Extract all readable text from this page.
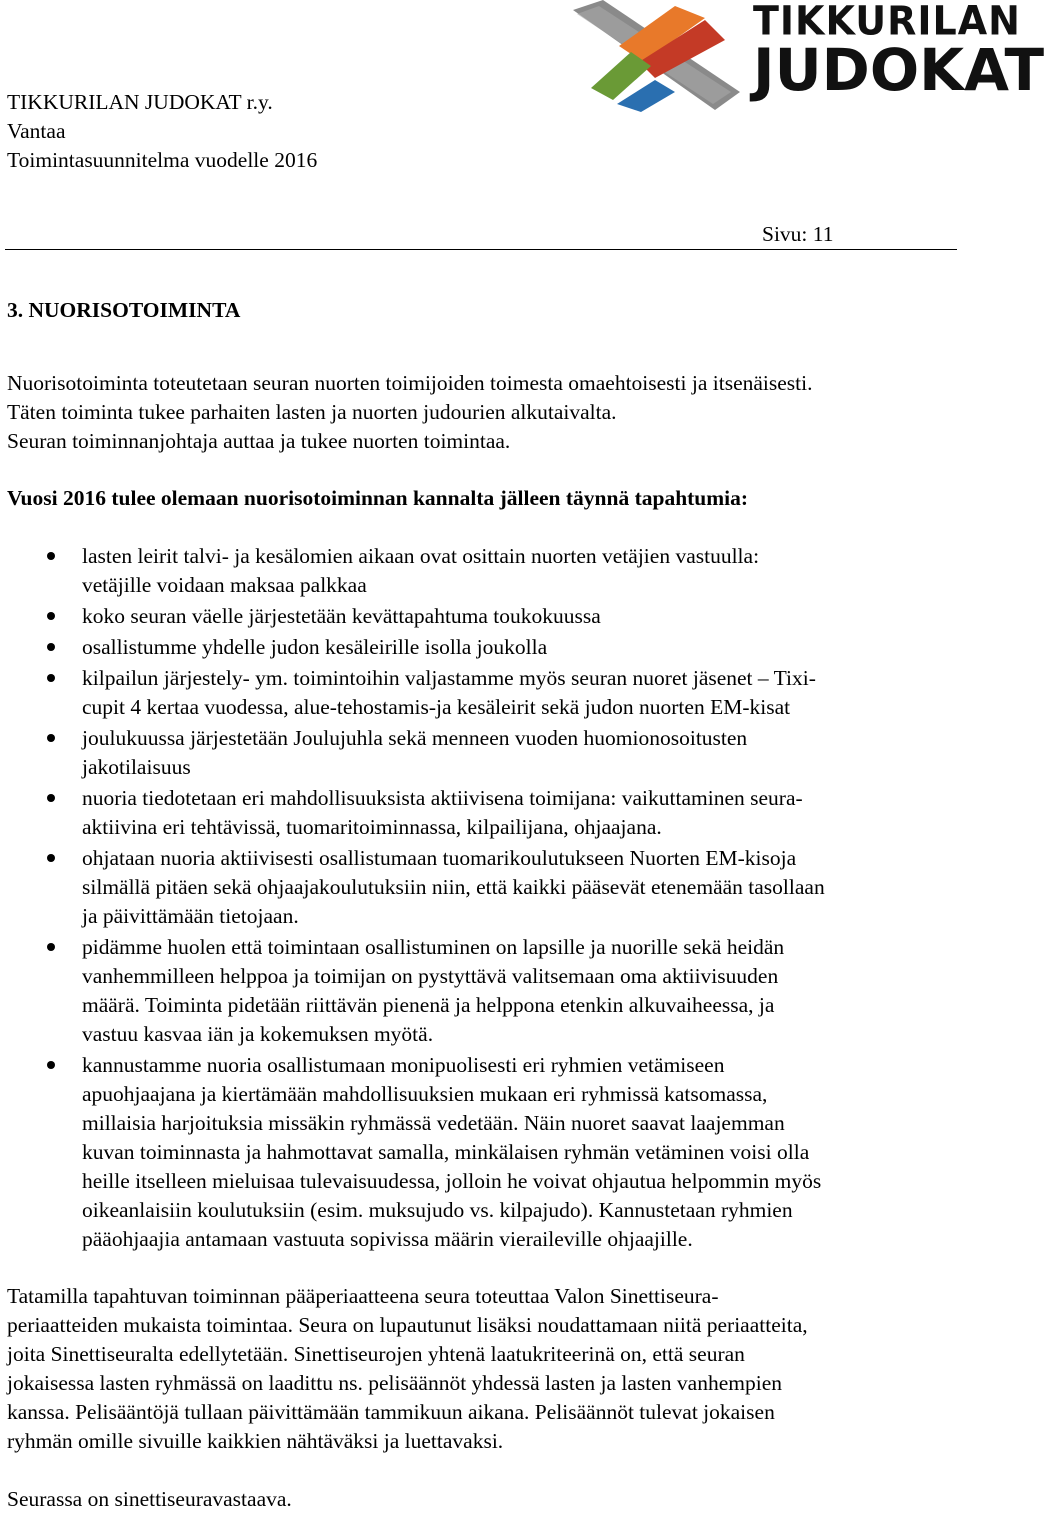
TIKKURILAN JUDOKAT r.y.
Vantaa
Toimintasuunnitelma vuodelle 2016
TIKKURILAN
JUDOKAT
Sivu: 11
3. NUORISOTOIMINTA

Nuorisotoiminta toteutetaan seuran nuorten toimijoiden toimesta omaehtoisesti ja itsenäisesti.

Täten toiminta tukee parhaiten lasten ja nuorten judourien alkutaivalta.

Seuran toiminnanjohtaja auttaa ja tukee nuorten toimintaa.

Vuosi 2016 tulee olemaan nuorisotoiminnan kannalta jälleen täynnä tapahtumia:

lasten leirit talvi- ja kesälomien aikaan ovat osittain nuorten vetäjien vastuulla:
vetäjille voidaan maksaa palkkaa
koko seuran väelle järjestetään kevättapahtuma toukokuussa
osallistumme yhdelle judon kesäleirille isolla joukolla
kilpailun järjestely- ym. toimintoihin valjastamme myös seuran nuoret jäsenet – Tixi-
cupit 4 kertaa vuodessa, alue-tehostamis-ja kesäleirit sekä judon nuorten EM-kisat
joulukuussa järjestetään Joulujuhla sekä menneen vuoden huomionosoitusten
jakotilaisuus
nuoria tiedotetaan eri mahdollisuuksista aktiivisena toimijana: vaikuttaminen seura-
aktiivina eri tehtävissä, tuomaritoiminnassa, kilpailijana, ohjaajana.
ohjataan nuoria aktiivisesti osallistumaan tuomarikoulutukseen Nuorten EM-kisoja
silmällä pitäen sekä ohjaajakoulutuksiin niin, että kaikki pääsevät etenemään tasollaan
ja päivittämään tietojaan.
pidämme huolen että toimintaan osallistuminen on lapsille ja nuorille sekä heidän
vanhemmilleen helppoa ja toimijan on pystyttävä valitsemaan oma aktiivisuuden
määrä. Toiminta pidetään riittävän pienenä ja helppona etenkin alkuvaiheessa, ja
vastuu kasvaa iän ja kokemuksen myötä.
kannustamme nuoria osallistumaan monipuolisesti eri ryhmien vetämiseen
apuohjaajana ja kiertämään mahdollisuuksien mukaan eri ryhmissä katsomassa,
millaisia harjoituksia missäkin ryhmässä vedetään. Näin nuoret saavat laajemman
kuvan toiminnasta ja hahmottavat samalla, minkälaisen ryhmän vetäminen voisi olla
heille itselleen mieluisaa tulevaisuudessa, jolloin he voivat ohjautua helpommin myös
oikeanlaisiin koulutuksiin (esim. muksujudo vs. kilpajudo). Kannustetaan ryhmien
pääohjaajia antamaan vastuuta sopivissa määrin vieraileville ohjaajille.

Tatamilla tapahtuvan toiminnan pääperiaatteena seura toteuttaa Valon Sinettiseura-

periaatteiden mukaista toimintaa. Seura on lupautunut lisäksi noudattamaan niitä periaatteita,

joita Sinettiseuralta edellytetään. Sinettiseurojen yhtenä laatukriteerinä on, että seuran

jokaisessa lasten ryhmässä on laadittu ns. pelisäännöt yhdessä lasten ja lasten vanhempien

kanssa. Pelisääntöjä tullaan päivittämään tammikuun aikana. Pelisäännöt tulevat jokaisen

ryhmän omille sivuille kaikkien nähtäväksi ja luettavaksi.

Seurassa on sinettiseuravastaava.
